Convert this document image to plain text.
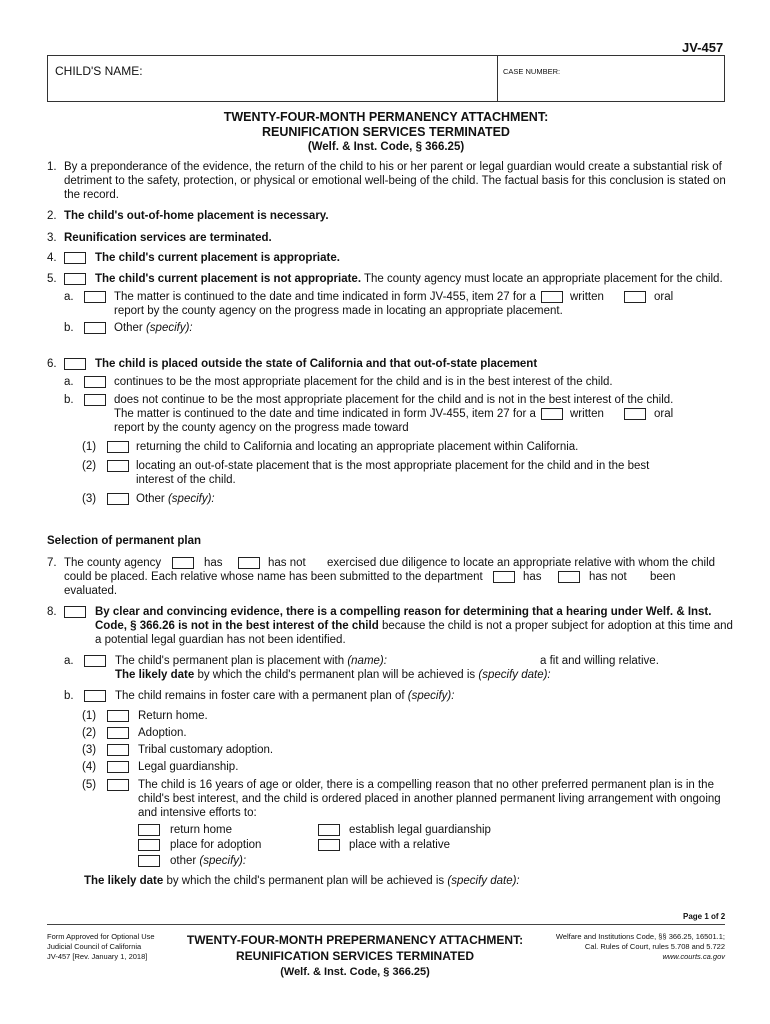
JV-457
CHILD'S NAME:	CASE NUMBER:
TWENTY-FOUR-MONTH PERMANENCY ATTACHMENT:
REUNIFICATION SERVICES TERMINATED
(Welf. & Inst. Code, § 366.25)
1. By a preponderance of the evidence, the return of the child to his or her parent or legal guardian would create a substantial risk of
detriment to the safety, protection, or physical or emotional well-being of the child. The factual basis for this conclusion is stated on
the record.
2. The child's out-of-home placement is necessary.
3. Reunification services are terminated.
4.	The child's current placement is appropriate.
5.	The child's current placement is not appropriate. The county agency must locate an appropriate placement for the child.
a.	The matter is continued to the date and time indicated in form JV-455, item 27 for a	written	oral
report by the county agency on the progress made in locating an appropriate placement.
b.	Other (specify):
6.	The child is placed outside the state of California and that out-of-state placement
a.	continues to be the most appropriate placement for the child and is in the best interest of the child.
b.	does not continue to be the most appropriate placement for the child and is not in the best interest of the child.
The matter is continued to the date and time indicated in form JV-455, item 27 for a	written	oral
report by the county agency on the progress made toward
(1)	returning the child to California and locating an appropriate placement within California.
(2)	locating an out-of-state placement that is the most appropriate placement for the child and in the best
interest of the child.
(3)	Other (specify):
Selection of permanent plan
7. The county agency	has	has not exercised due diligence to locate an appropriate relative with whom the child
could be placed. Each relative whose name has been submitted to the department	has	has not been
evaluated.
8.	By clear and convincing evidence, there is a compelling reason for determining that a hearing under Welf. & Inst.
Code, § 366.26 is not in the best interest of the child because the child is not a proper subject for adoption at this time and
a potential legal guardian has not been identified.
a.	The child's permanent plan is placement with (name):	a fit and willing relative.
The likely date by which the child's permanent plan will be achieved is (specify date):
b.	The child remains in foster care with a permanent plan of (specify):
(1)	Return home.
(2)	Adoption.
(3)	Tribal customary adoption.
(4)	Legal guardianship.
(5)	The child is 16 years of age or older, there is a compelling reason that no other preferred permanent plan is in the
child's best interest, and the child is ordered placed in another planned permanent living arrangement with ongoing
and intensive efforts to:
return home	establish legal guardianship
place for adoption	place with a relative
other (specify):
The likely date by which the child's permanent plan will be achieved is (specify date):
Page 1 of 2
Form Approved for Optional Use
Judicial Council of California
JV-457 [Rev. January 1, 2018]
TWENTY-FOUR-MONTH PREPERMANENCY ATTACHMENT:
REUNIFICATION SERVICES TERMINATED
(Welf. & Inst. Code, § 366.25)
Welfare and Institutions Code, §§ 366.25, 16501.1;
Cal. Rules of Court, rules 5.708 and 5.722
www.courts.ca.gov
